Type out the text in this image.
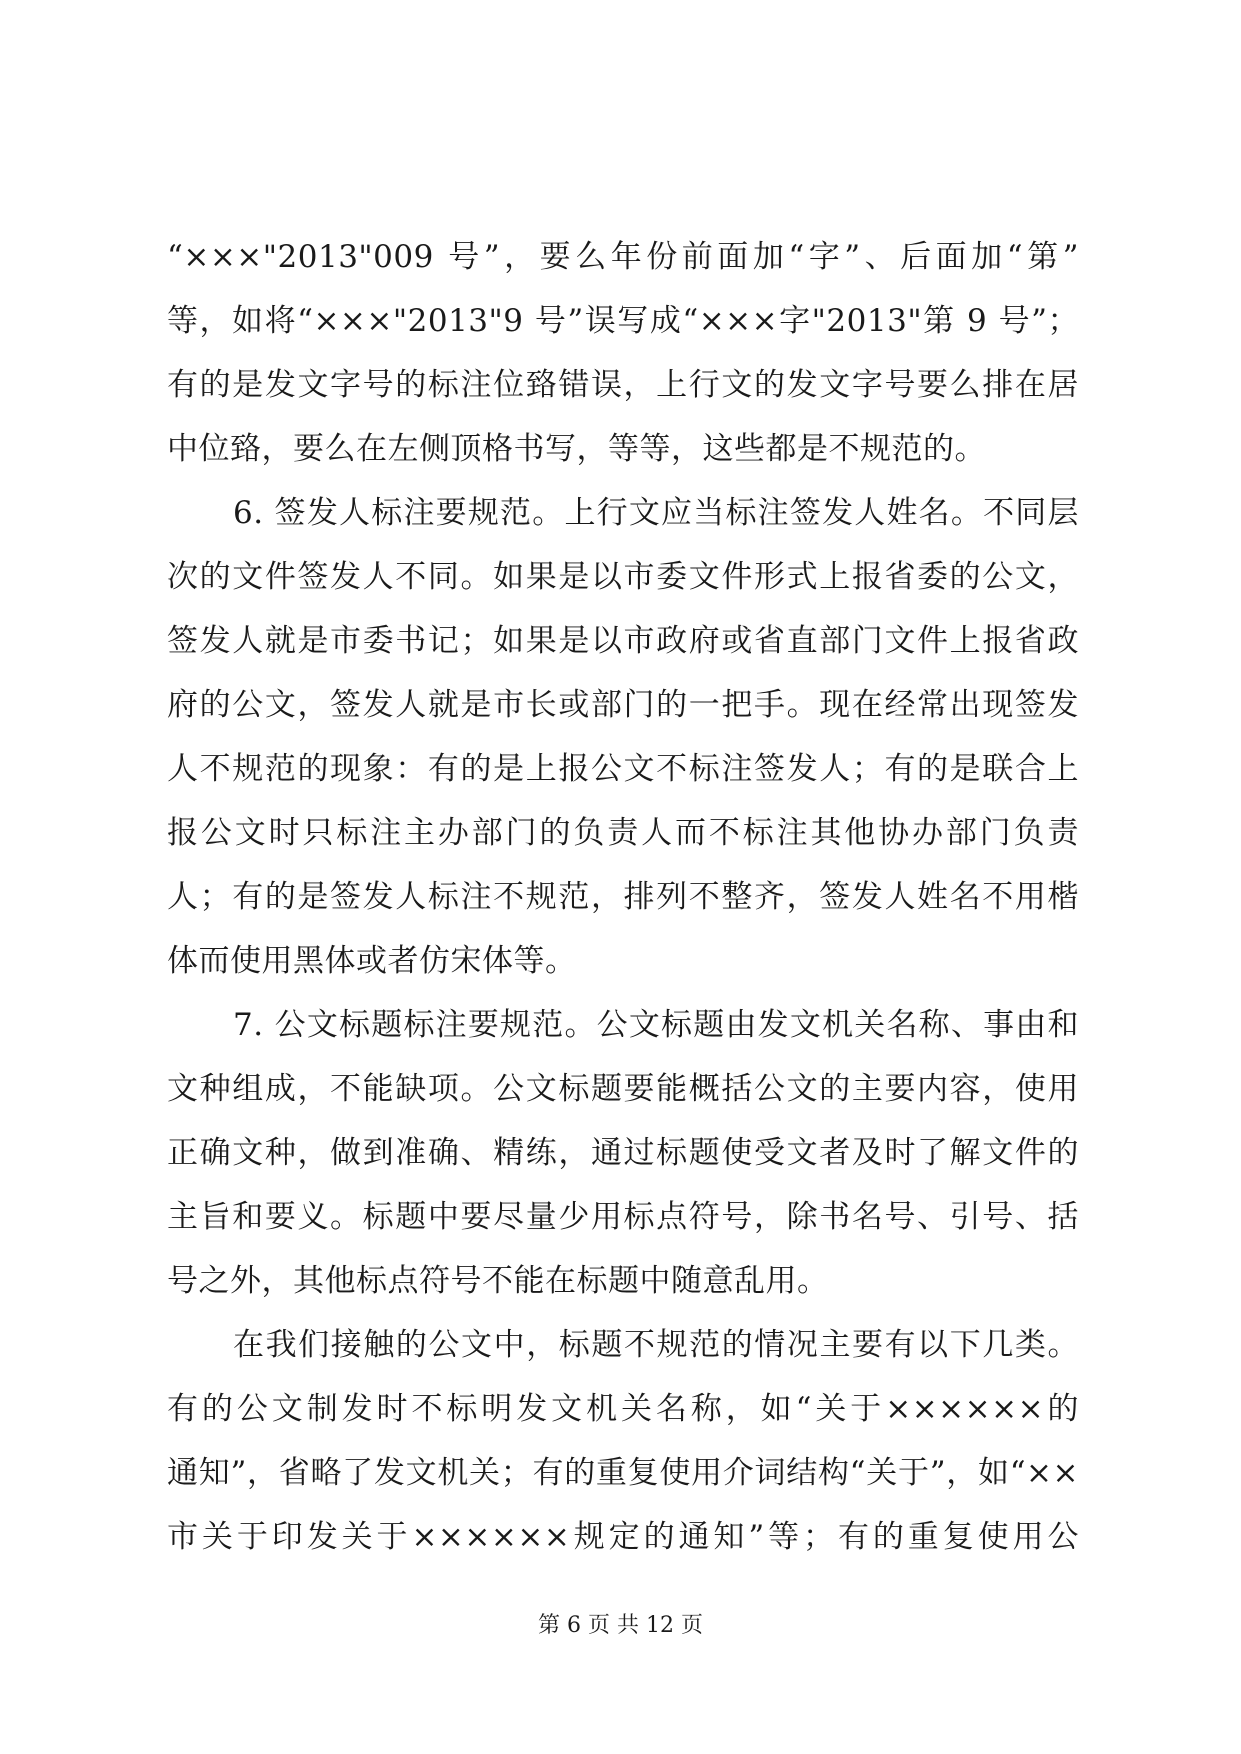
“×××"2013"009 号”，要么年份前面加“字”、后面加“第”
等，如将“×××"2013"9 号”误写成“×××字"2013"第 9 号”；
有的是发文字号的标注位臵错误，上行文的发文字号要么排在居
中位臵，要么在左侧顶格书写，等等，这些都是不规范的。
6. 签发人标注要规范。上行文应当标注签发人姓名。不同层
次的文件签发人不同。如果是以市委文件形式上报省委的公文，
签发人就是市委书记；如果是以市政府或省直部门文件上报省政
府的公文，签发人就是市长或部门的一把手。现在经常出现签发
人不规范的现象：有的是上报公文不标注签发人；有的是联合上
报公文时只标注主办部门的负责人而不标注其他协办部门负责
人；有的是签发人标注不规范，排列不整齐，签发人姓名不用楷
体而使用黑体或者仿宋体等。
7. 公文标题标注要规范。公文标题由发文机关名称、事由和
文种组成，不能缺项。公文标题要能概括公文的主要内容，使用
正确文种，做到准确、精练，通过标题使受文者及时了解文件的
主旨和要义。标题中要尽量少用标点符号，除书名号、引号、括
号之外，其他标点符号不能在标题中随意乱用。
在我们接触的公文中，标题不规范的情况主要有以下几类。
有的公文制发时不标明发文机关名称，如“关于××××××的
通知”，省略了发文机关；有的重复使用介词结构“关于”，如“××
市关于印发关于××××××规定的通知”等；有的重复使用公
第 6 页 共 12 页
